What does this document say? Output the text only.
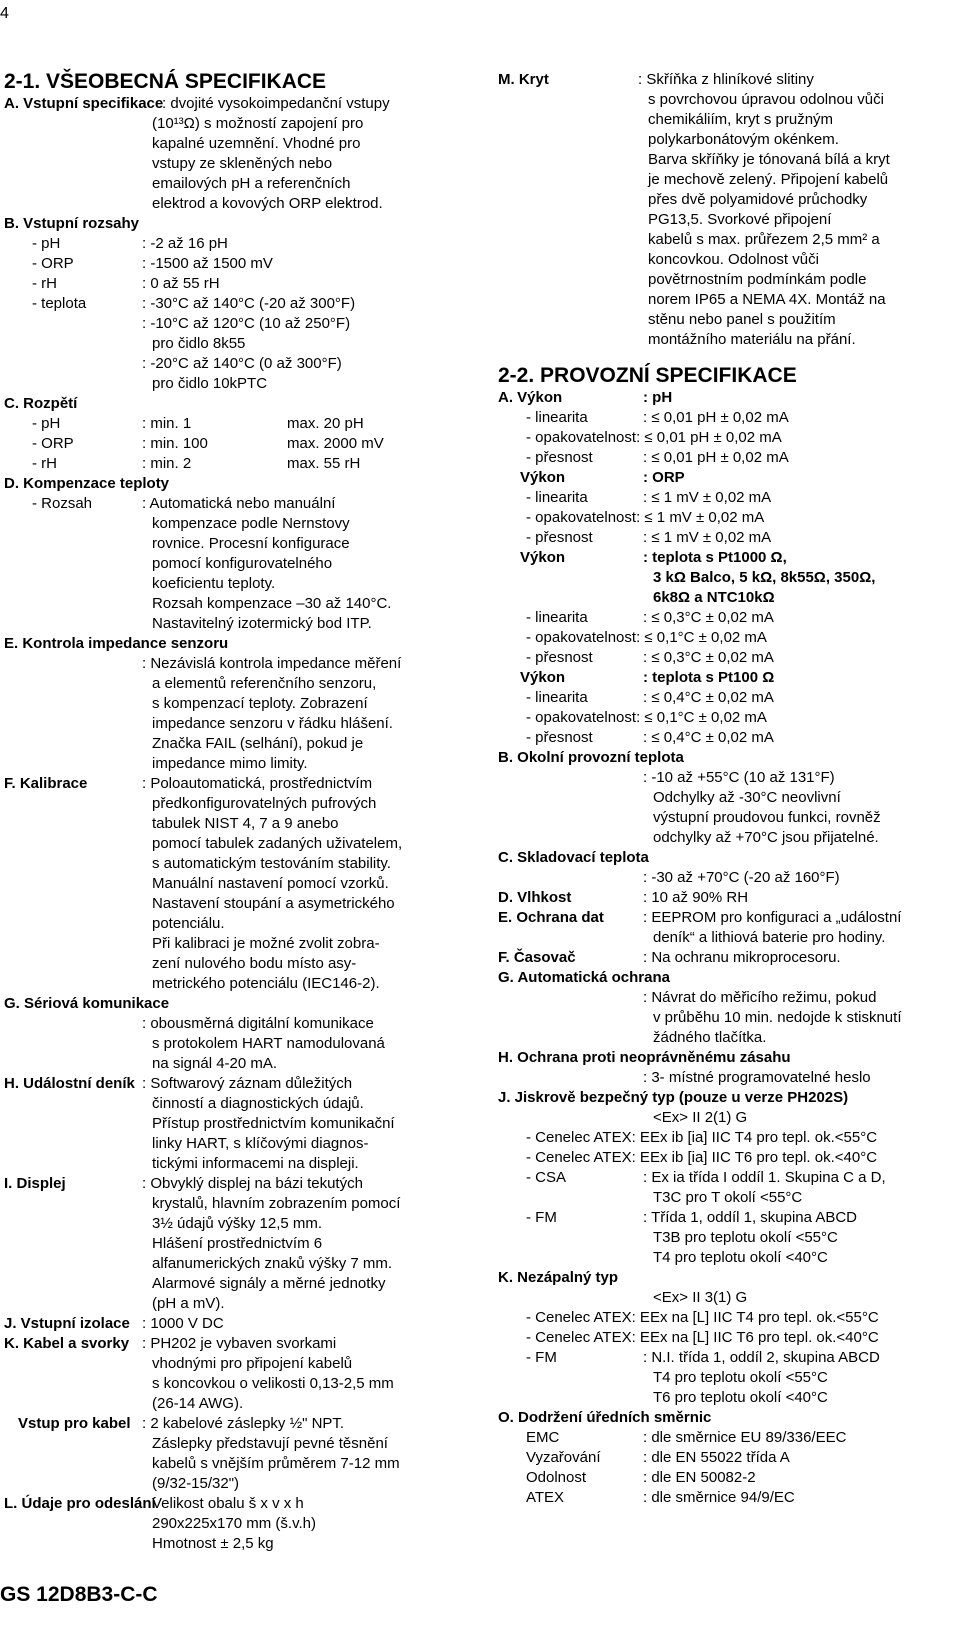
4
2-1. VŠEOBECNÁ SPECIFIKACE
A. Vstupní specifikace
: dvojité vysokoimpedanční vstupy
(10¹³Ω) s možností zapojení pro
kapalné uzemnění. Vhodné pro
vstupy ze skleněných nebo
emailových pH a referenčních
elektrod a kovových ORP elektrod.
B. Vstupní rozsahy
- pH	: -2 až 16 pH
- ORP	: -1500 až 1500 mV
- rH	: 0 až 55 rH
- teplota	: -30°C až 140°C (-20 až 300°F)
: -10°C až 120°C (10 až 250°F)
pro čidlo 8k55
: -20°C až 140°C (0 až 300°F)
pro čidlo 10kPTC
C. Rozpětí
- pH	: min. 1	max. 20 pH
- ORP	: min. 100	max. 2000 mV
- rH	: min. 2	max. 55 rH
D. Kompenzace teploty
- Rozsah	: Automatická nebo manuální
kompenzace podle Nernstovy
rovnice. Procesní konfigurace
pomocí konfigurovatelného
koeficientu teploty.
Rozsah kompenzace –30 až 140°C.
Nastavitelný izotermický bod ITP.
E. Kontrola impedance senzoru
: Nezávislá kontrola impedance měření
a elementů referenčního senzoru,
s kompenzací teploty. Zobrazení
impedance senzoru v řádku hlášení.
Značka FAIL (selhání), pokud je
impedance mimo limity.
F. Kalibrace	: Poloautomatická, prostřednictvím
předkonfigurovatelných pufrových
tabulek NIST 4, 7 a 9 anebo
pomocí tabulek zadaných uživatelem,
s automatickým testováním stability.
Manuální nastavení pomocí vzorků.
Nastavení stoupání a asymetrického
potenciálu.
Při kalibraci je možné zvolit zobra-
zení nulového bodu místo asy-
metrického potenciálu (IEC146-2).
G. Sériová komunikace
: obousměrná digitální komunikace
s protokolem HART namodulovaná
na signál 4-20 mA.
H. Událostní deník : Softwarový záznam důležitých
činností a diagnostických údajů.
Přístup prostřednictvím komunikační
linky HART, s klíčovými diagnos-
tickými informacemi na displeji.
I. Displej	: Obvyklý displej na bázi tekutých
krystalů, hlavním zobrazením pomocí
3½ údajů výšky 12,5 mm.
Hlášení prostřednictvím 6
alfanumerických znaků výšky 7 mm.
Alarmové signály a měrné jednotky
(pH a mV).
J. Vstupní izolace : 1000 V DC
K. Kabel a svorky : PH202 je vybaven svorkami
vhodnými pro připojení kabelů
s koncovkou o velikosti 0,13-2,5 mm
(26-14 AWG).
Vstup pro kabel : 2 kabelové záslepky ½" NPT.
Záslepky představují pevné těsnění
kabelů s vnějším průměrem 7-12 mm
(9/32-15/32")
L. Údaje pro odeslání
Velikost obalu š x v x h
290x225x170 mm (š.v.h)
Hmotnost ± 2,5 kg
M. Kryt	: Skříňka z hliníkové slitiny
s povrchovou úpravou odolnou vůči
chemikáliím, kryt s pružným
polykarbonátovým okénkem.
Barva skříňky je tónovaná bílá a kryt
je mechově zelený. Připojení kabelů
přes dvě polyamidové průchodky
PG13,5. Svorkové připojení
kabelů s max. průřezem 2,5 mm² a
koncovkou. Odolnost vůči
povětrnostním podmínkám podle
norem IP65 a NEMA 4X. Montáž na
stěnu nebo panel s použitím
montážního materiálu na přání.
2-2. PROVOZNÍ SPECIFIKACE
A. Výkon	: pH
- linearita	: ≤ 0,01 pH ± 0,02 mA
- opakovatelnost: ≤ 0,01 pH ± 0,02 mA
- přesnost	: ≤ 0,01 pH ± 0,02 mA
Výkon	: ORP
- linearita	: ≤ 1 mV ± 0,02 mA
- opakovatelnost: ≤ 1 mV ± 0,02 mA
- přesnost	: ≤ 1 mV ± 0,02 mA
Výkon	: teplota s Pt1000 Ω,
3 kΩ Balco, 5 kΩ, 8k55Ω, 350Ω,
6k8Ω a NTC10kΩ
- linearita	: ≤ 0,3°C ± 0,02 mA
- opakovatelnost: ≤ 0,1°C ± 0,02 mA
- přesnost	: ≤ 0,3°C ± 0,02 mA
Výkon	: teplota s Pt100 Ω
- linearita	: ≤ 0,4°C ± 0,02 mA
- opakovatelnost: ≤ 0,1°C ± 0,02 mA
- přesnost	: ≤ 0,4°C ± 0,02 mA
B. Okolní provozní teplota
: -10 až +55°C (10 až 131°F)
Odchylky až -30°C neovlivní
výstupní proudovou funkci, rovněž
odchylky až +70°C jsou přijatelné.
C. Skladovací teplota
: -30 až +70°C (-20 až 160°F)
D. Vlhkost	: 10 až 90% RH
E. Ochrana dat	: EEPROM pro konfiguraci a „událostní
deník“ a lithiová baterie pro hodiny.
F. Časovač	: Na ochranu mikroprocesoru.
G. Automatická ochrana
: Návrat do měřicího režimu, pokud
v průběhu 10 min. nedojde k stisknutí
žádného tlačítka.
H. Ochrana proti neoprávněnému zásahu
: 3- místné programovatelné heslo
J. Jiskrově bezpečný typ (pouze u verze PH202S)
<Ex> II 2(1) G
- Cenelec ATEX: EEx ib [ia] IIC T4 pro tepl. ok.<55°C
- Cenelec ATEX: EEx ib [ia] IIC T6 pro tepl. ok.<40°C
- CSA	: Ex ia třída I oddíl 1. Skupina C a D,
T3C pro T okolí <55°C
- FM	: Třída 1, oddíl 1, skupina ABCD
T3B pro teplotu okolí <55°C
T4 pro teplotu okolí <40°C
K. Nezápalný typ
<Ex> II 3(1) G
- Cenelec ATEX: EEx na [L] IIC T4 pro tepl. ok.<55°C
- Cenelec ATEX: EEx na [L] IIC T6 pro tepl. ok.<40°C
- FM	: N.I. třída 1, oddíl 2, skupina ABCD
T4 pro teplotu okolí <55°C
T6 pro teplotu okolí <40°C
O. Dodržení úředních směrnic
EMC	: dle směrnice EU 89/336/EEC
Vyzařování	: dle EN 55022 třída A
Odolnost	: dle EN 50082-2
ATEX	: dle směrnice 94/9/EC
GS 12D8B3-C-C
